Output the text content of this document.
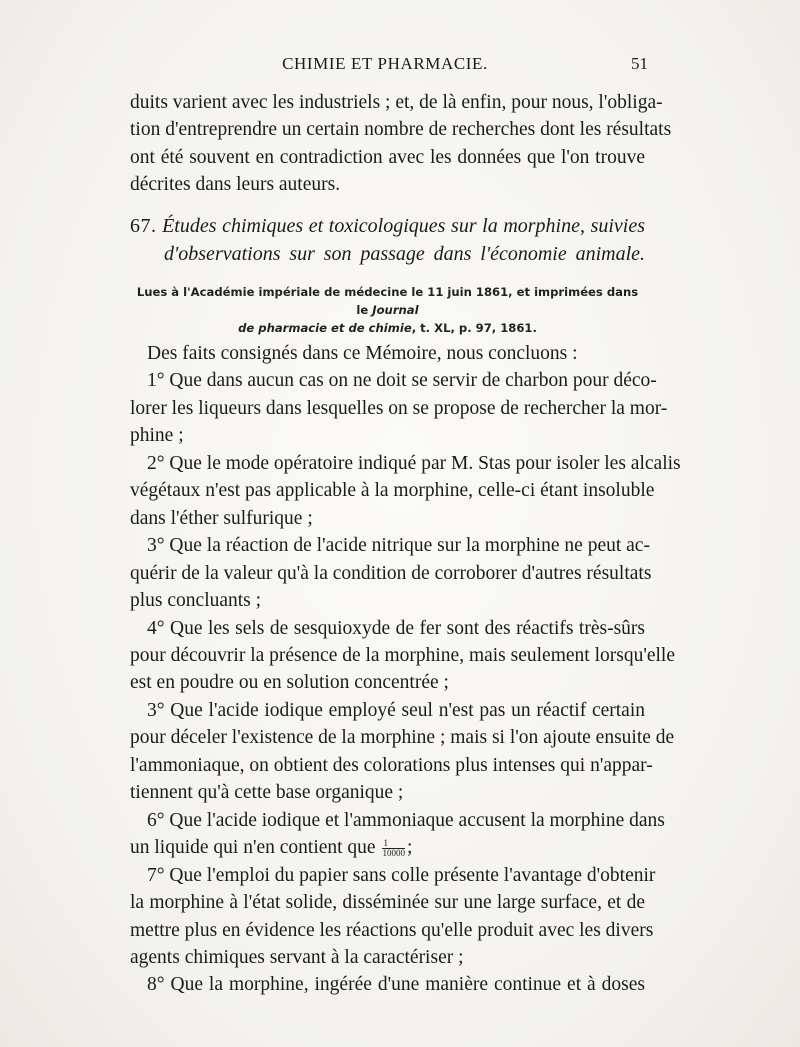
CHIMIE ET PHARMACIE.	51
duits varient avec les industriels ; et, de là enfin, pour nous, l'obliga-
tion d'entreprendre un certain nombre de recherches dont les résultats
ont été souvent en contradiction avec les données que l'on trouve
décrites dans leurs auteurs.
67. Études chimiques et toxicologiques sur la morphine, suivies
d'observations sur son passage dans l'économie animale.
Lues à l'Académie impériale de médecine le 11 juin 1861, et imprimées dans le Journal
de pharmacie et de chimie, t. XL, p. 97, 1861.
Des faits consignés dans ce Mémoire, nous concluons :
1° Que dans aucun cas on ne doit se servir de charbon pour déco-
lorer les liqueurs dans lesquelles on se propose de rechercher la mor-
phine ;
2° Que le mode opératoire indiqué par M. Stas pour isoler les alcalis
végétaux n'est pas applicable à la morphine, celle-ci étant insoluble
dans l'éther sulfurique ;
3° Que la réaction de l'acide nitrique sur la morphine ne peut ac-
quérir de la valeur qu'à la condition de corroborer d'autres résultats
plus concluants ;
4° Que les sels de sesquioxyde de fer sont des réactifs très-sûrs
pour découvrir la présence de la morphine, mais seulement lorsqu'elle
est en poudre ou en solution concentrée ;
3° Que l'acide iodique employé seul n'est pas un réactif certain
pour déceler l'existence de la morphine ; mais si l'on ajoute ensuite de
l'ammoniaque, on obtient des colorations plus intenses qui n'appar-
tiennent qu'à cette base organique ;
6° Que l'acide iodique et l'ammoniaque accusent la morphine dans
un liquide qui n'en contient que $\frac{1}{10000}$ ;
7° Que l'emploi du papier sans colle présente l'avantage d'obtenir
la morphine à l'état solide, disséminée sur une large surface, et de
mettre plus en évidence les réactions qu'elle produit avec les divers
agents chimiques servant à la caractériser ;
8° Que la morphine, ingérée d'une manière continue et à doses
